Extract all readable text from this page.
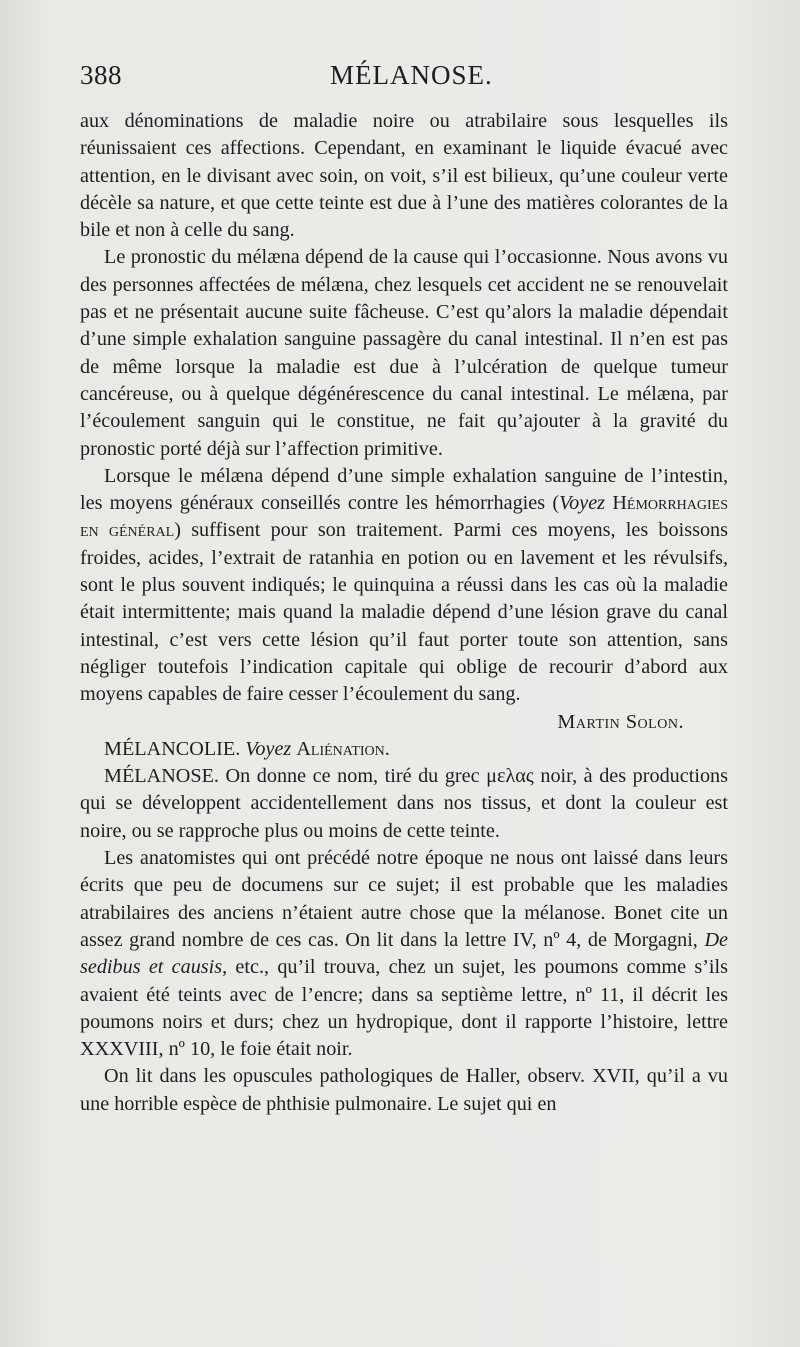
388	MÉLANOSE.

aux dénominations de maladie noire ou atrabilaire sous lesquelles ils réunissaient ces affections. Cependant, en examinant le liquide évacué avec attention, en le divisant avec soin, on voit, s’il est bilieux, qu’une couleur verte décèle sa nature, et que cette teinte est due à l’une des matières colorantes de la bile et non à celle du sang.

Le pronostic du mélæna dépend de la cause qui l’occasionne. Nous avons vu des personnes affectées de mélæna, chez lesquels cet accident ne se renouvelait pas et ne présentait aucune suite fâcheuse. C’est qu’alors la maladie dépendait d’une simple exhalation sanguine passagère du canal intestinal. Il n’en est pas de même lorsque la maladie est due à l’ulcération de quelque tumeur cancéreuse, ou à quelque dégénérescence du canal intestinal. Le mélæna, par l’écoulement sanguin qui le constitue, ne fait qu’ajouter à la gravité du pronostic porté déjà sur l’affection primitive.

Lorsque le mélæna dépend d’une simple exhalation sanguine de l’intestin, les moyens généraux conseillés contre les hémorrhagies (Voyez Hémorrhagies en général) suffisent pour son traitement. Parmi ces moyens, les boissons froides, acides, l’extrait de ratanhia en potion ou en lavement et les révulsifs, sont le plus souvent indiqués; le quinquina a réussi dans les cas où la maladie était intermittente; mais quand la maladie dépend d’une lésion grave du canal intestinal, c’est vers cette lésion qu’il faut porter toute son attention, sans négliger toutefois l’indication capitale qui oblige de recourir d’abord aux moyens capables de faire cesser l’écoulement du sang.

Martin Solon.

MÉLANCOLIE. Voyez Aliénation.

MÉLANOSE. On donne ce nom, tiré du grec μελας noir, à des productions qui se développent accidentellement dans nos tissus, et dont la couleur est noire, ou se rapproche plus ou moins de cette teinte.

Les anatomistes qui ont précédé notre époque ne nous ont laissé dans leurs écrits que peu de documens sur ce sujet; il est probable que les maladies atrabilaires des anciens n’étaient autre chose que la mélanose. Bonet cite un assez grand nombre de ces cas. On lit dans la lettre IV, nº 4, de Morgagni, De sedibus et causis, etc., qu’il trouva, chez un sujet, les poumons comme s’ils avaient été teints avec de l’encre; dans sa septième lettre, nº 11, il décrit les poumons noirs et durs; chez un hydropique, dont il rapporte l’histoire, lettre XXXVIII, nº 10, le foie était noir.

On lit dans les opuscules pathologiques de Haller, observ. XVII, qu’il a vu une horrible espèce de phthisie pulmonaire. Le sujet qui en
